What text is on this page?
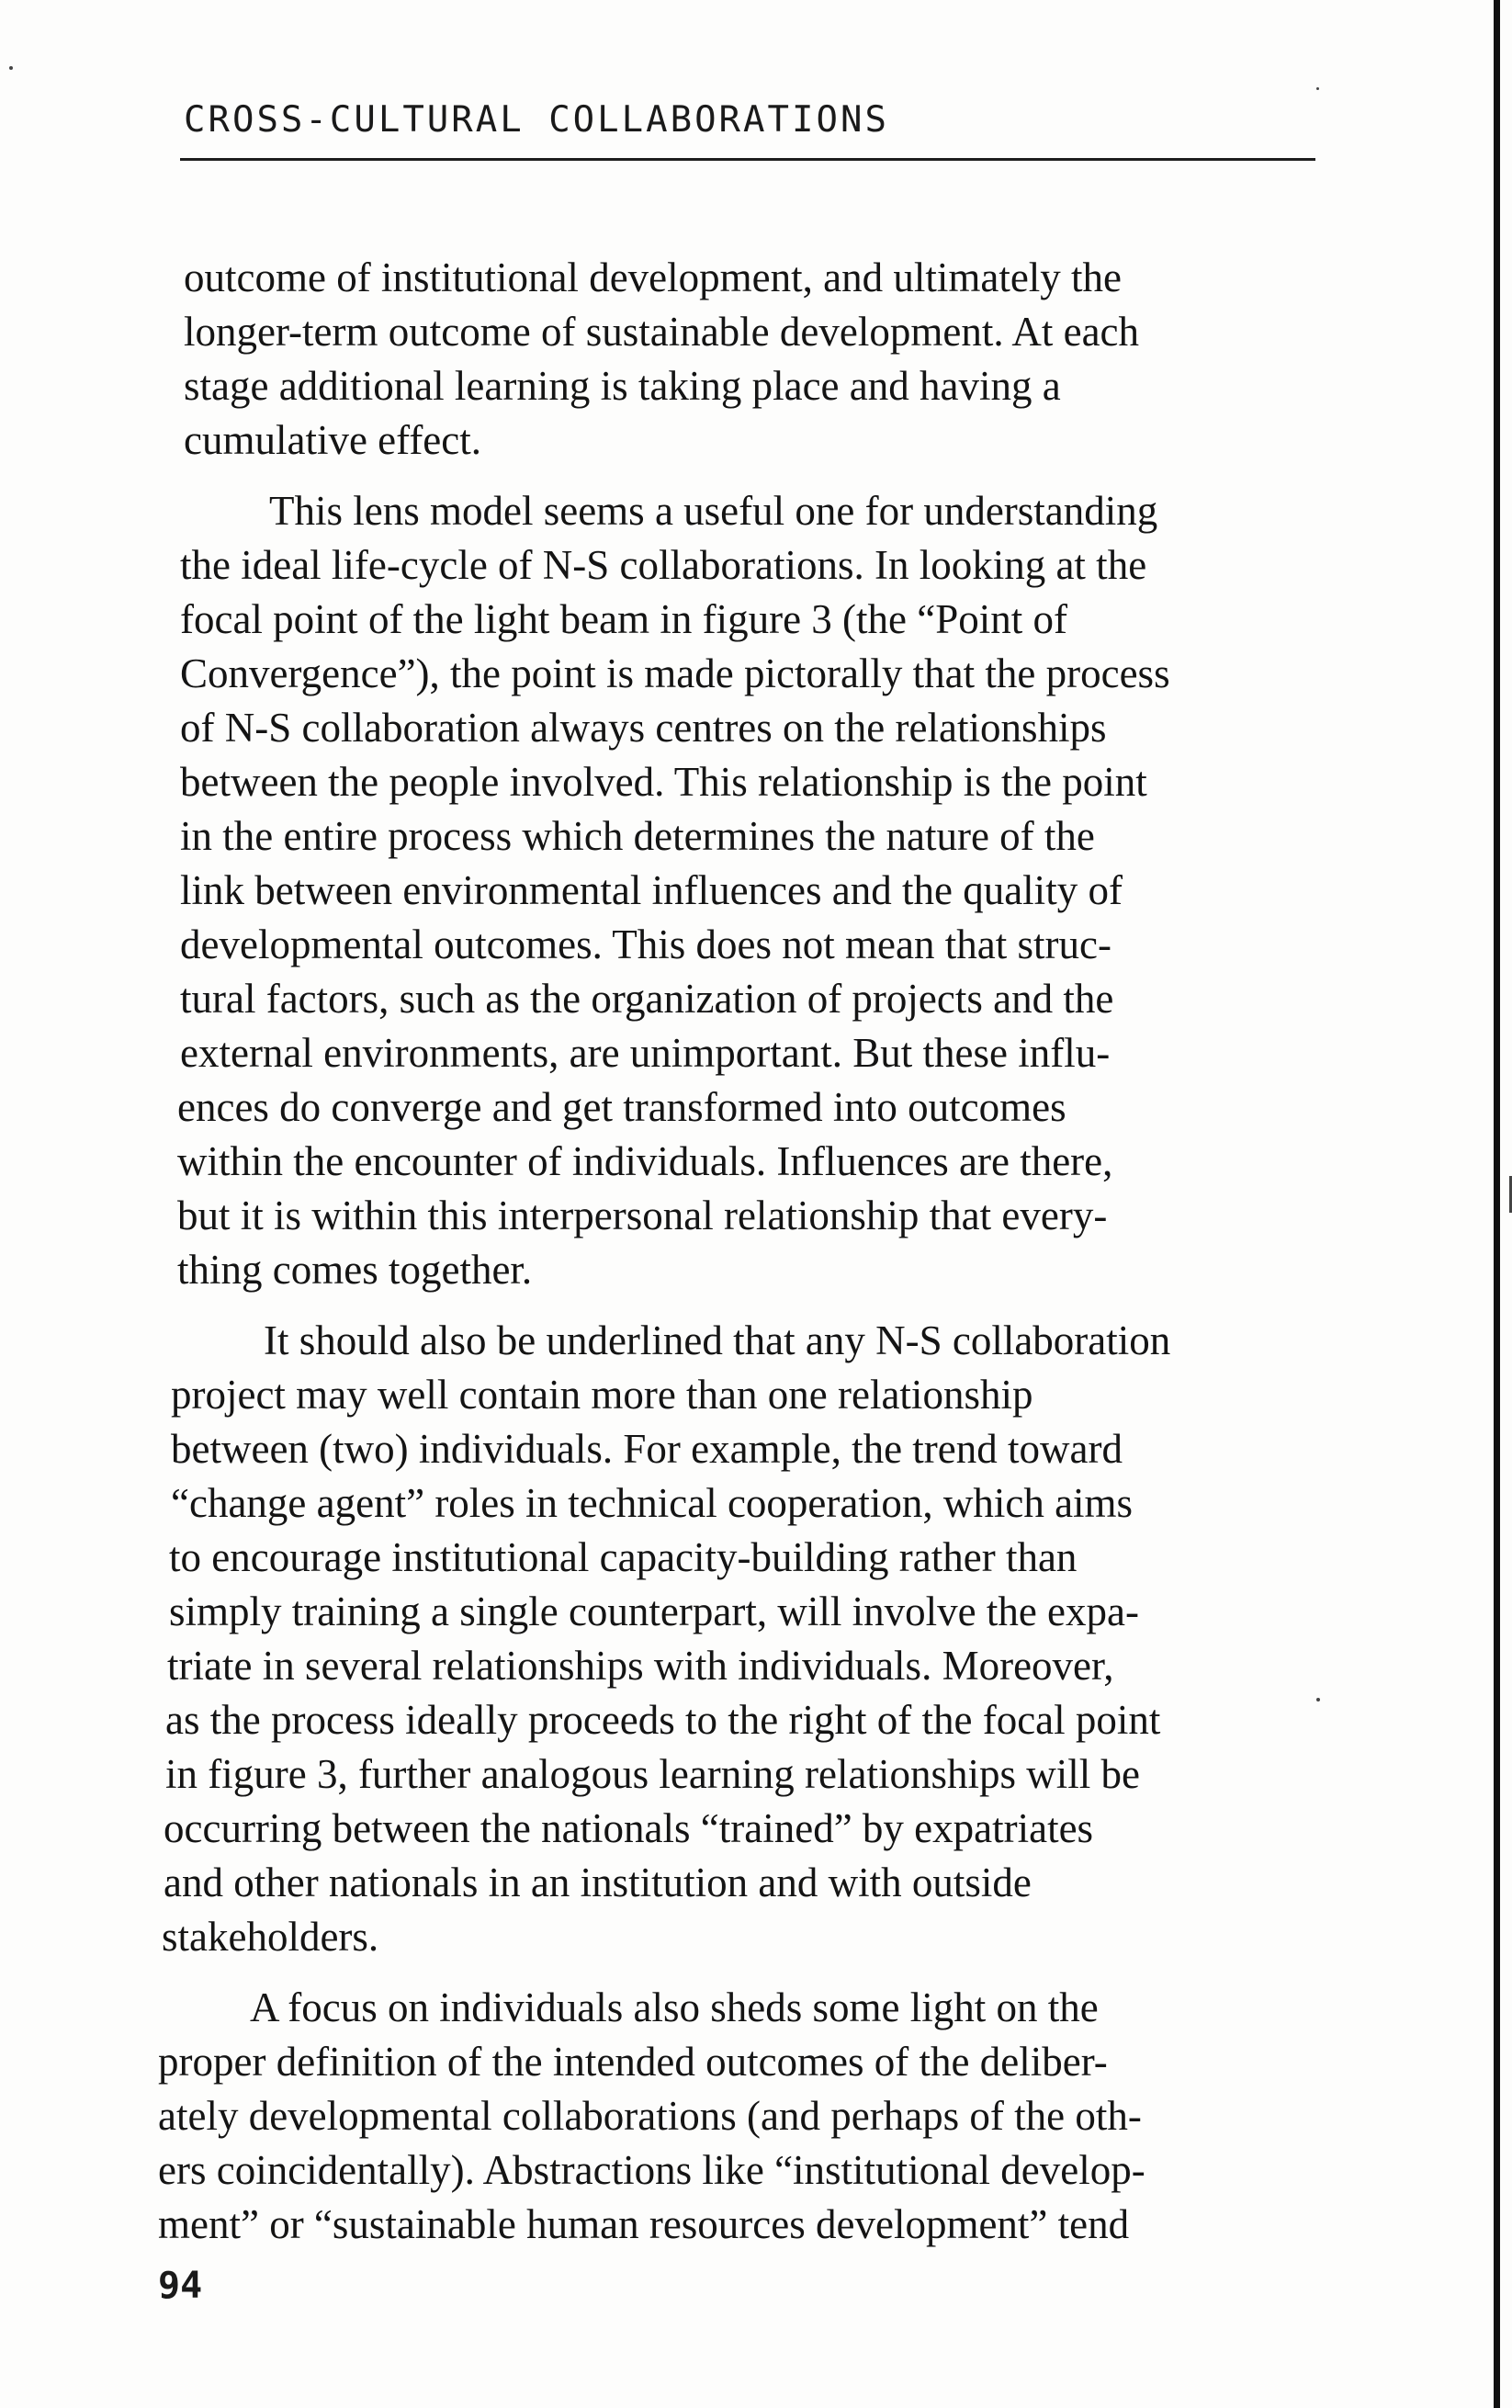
CROSS-CULTURAL COLLABORATIONS
outcome of institutional development, and ultimately the
longer-term outcome of sustainable development. At each
stage additional learning is taking place and having a
cumulative effect.
This lens model seems a useful one for understanding
the ideal life-cycle of N-S collaborations. In looking at the
focal point of the light beam in figure 3 (the “Point of
Convergence”), the point is made pictorally that the process
of N-S collaboration always centres on the relationships
between the people involved. This relationship is the point
in the entire process which determines the nature of the
link between environmental influences and the quality of
developmental outcomes. This does not mean that struc-
tural factors, such as the organization of projects and the
external environments, are unimportant. But these influ-
ences do converge and get transformed into outcomes
within the encounter of individuals. Influences are there,
but it is within this interpersonal relationship that every-
thing comes together.
It should also be underlined that any N-S collaboration
project may well contain more than one relationship
between (two) individuals. For example, the trend toward
“change agent” roles in technical cooperation, which aims
to encourage institutional capacity-building rather than
simply training a single counterpart, will involve the expa-
triate in several relationships with individuals. Moreover,
as the process ideally proceeds to the right of the focal point
in figure 3, further analogous learning relationships will be
occurring between the nationals “trained” by expatriates
and other nationals in an institution and with outside
stakeholders.
A focus on individuals also sheds some light on the
proper definition of the intended outcomes of the deliber-
ately developmental collaborations (and perhaps of the oth-
ers coincidentally). Abstractions like “institutional develop-
ment” or “sustainable human resources development” tend
94
